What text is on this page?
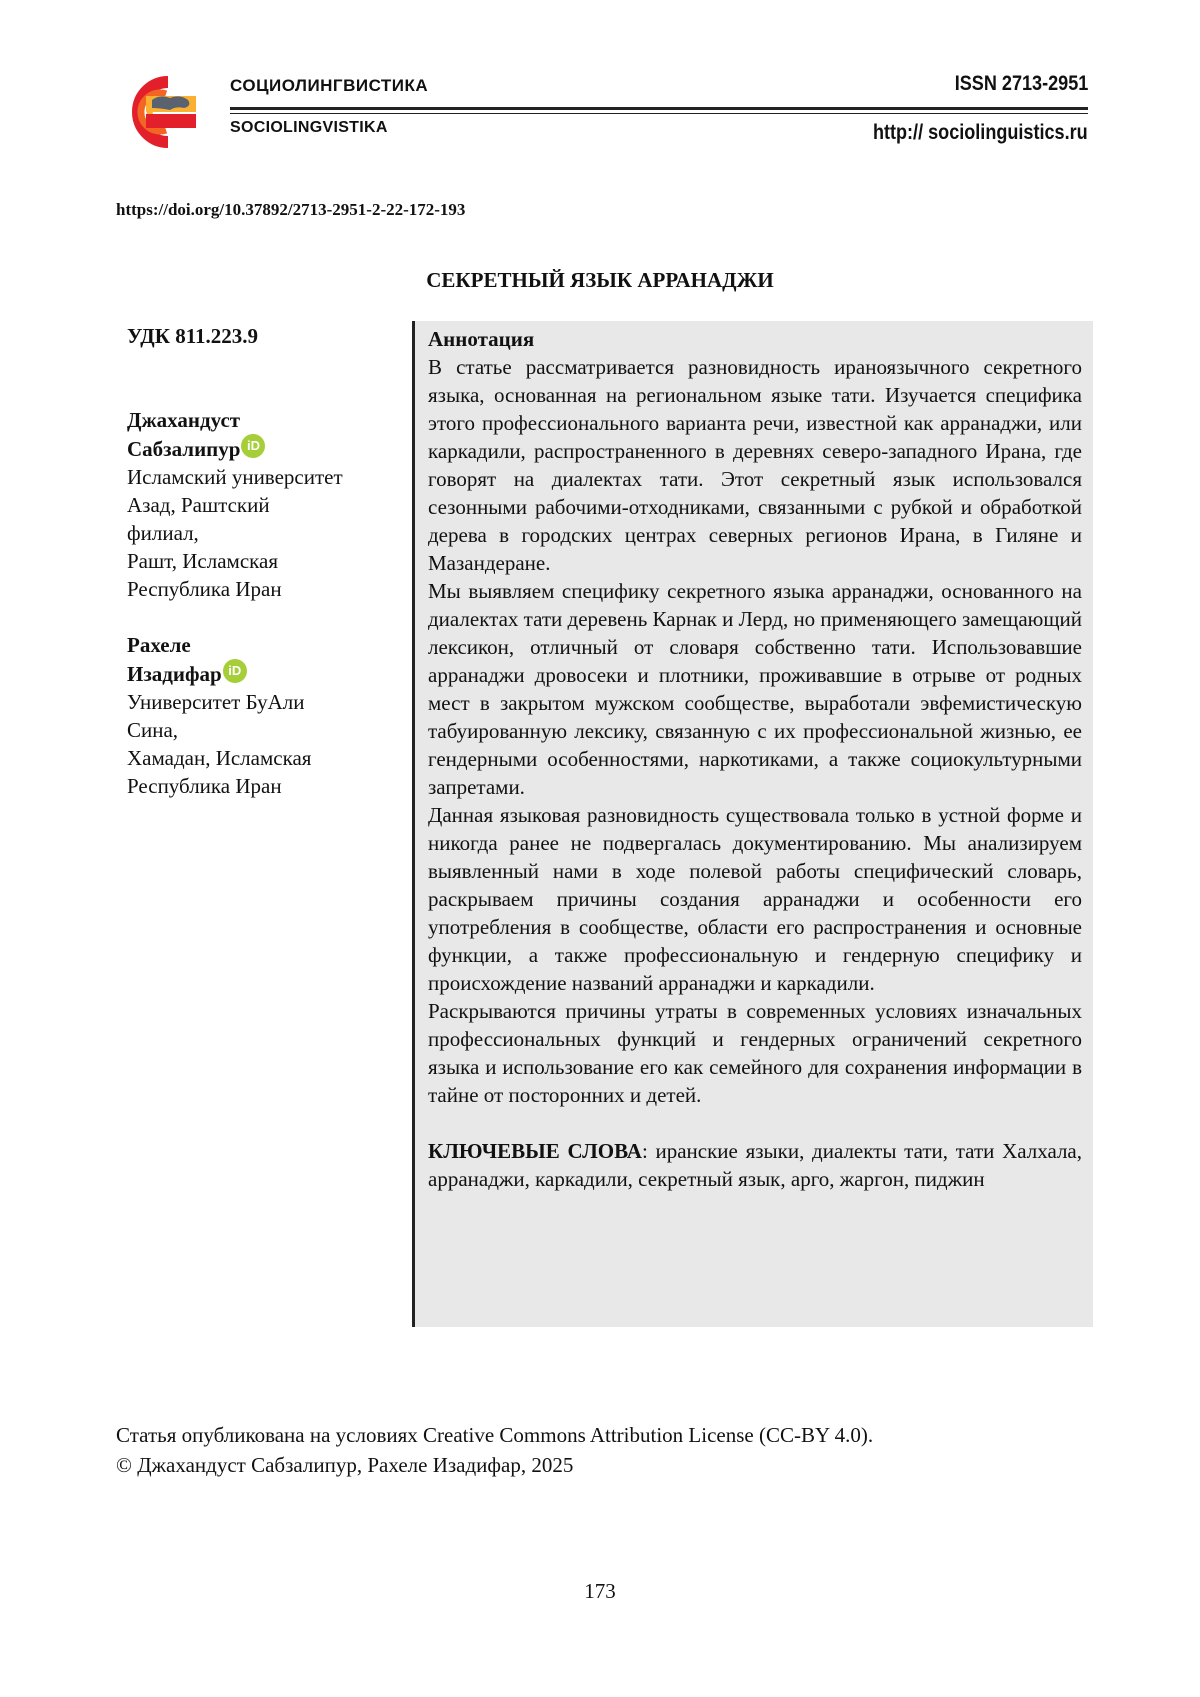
СОЦИОЛИНГВИСТИКА
SOCIOLINGVISTIKA
ISSN 2713-2951
http:// sociolinguistics.ru
https://doi.org/10.37892/2713-2951-2-22-172-193
СЕКРЕТНЫЙ ЯЗЫК АРРАНАДЖИ
УДК 811.223.9
Джахандуст
Сабзалипур iD
Исламский университет
Азад, Раштский
филиал,
Рашт, Исламская
Республика Иран
Рахеле
Изадифар iD
Университет БуАли
Сина,
Хамадан, Исламская
Республика Иран

Аннотация

В статье рассматривается разновидность ираноязычного секретного языка, основанная на региональном языке тати. Изучается специфика этого профессионального варианта речи, известной как арранаджи, или каркадили, распространенного в деревнях северо-западного Ирана, где говорят на диалектах тати. Этот секретный язык использовался сезонными рабочими-отходниками, связанными с рубкой и обработкой дерева в городских центрах северных регионов Ирана, в Гиляне и Мазандеране.

Мы выявляем специфику секретного языка арранаджи, основанного на диалектах тати деревень Карнак и Лерд, но применяющего замещающий лексикон, отличный от словаря собственно тати. Использовавшие арранаджи дровосеки и плотники, проживавшие в отрыве от родных мест в закрытом мужском сообществе, выработали эвфемистическую табуированную лексику, связанную с их профессиональной жизнью, ее гендерными особенностями, наркотиками, а также социокультурными запретами.

Данная языковая разновидность существовала только в устной форме и никогда ранее не подвергалась документированию. Мы анализируем выявленный нами в ходе полевой работы специфический словарь, раскрываем причины создания арранаджи и особенности его употребления в сообществе, области его распространения и основные функции, а также профессиональную и гендерную специфику и происхождение названий арранаджи и каркадили.

Раскрываются причины утраты в современных условиях изначальных профессиональных функций и гендерных ограничений секретного языка и использование его как семейного для сохранения информации в тайне от посторонних и детей.

КЛЮЧЕВЫЕ СЛОВА: иранские языки, диалекты тати, тати Халхала, арранаджи, каркадили, секретный язык, арго, жаргон, пиджин

Статья опубликована на условиях Creative Commons Attribution License (CC-BY 4.0).
© Джахандуст Сабзалипур, Рахеле Изадифар, 2025
173
